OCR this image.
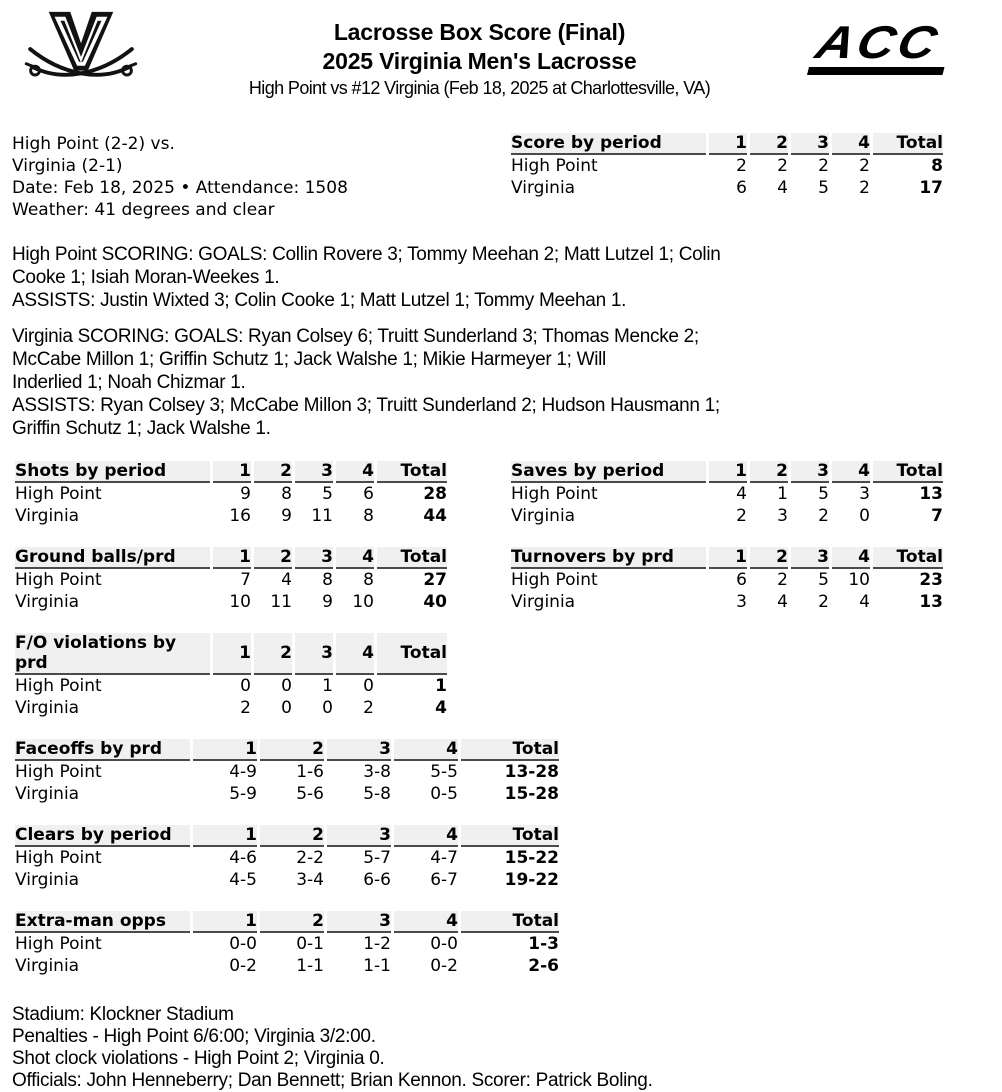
Lacrosse Box Score (Final)
2025 Virginia Men's Lacrosse
High Point vs #12 Virginia (Feb 18, 2025 at Charlottesville, VA)
ACC
High Point (2-2) vs.
Virginia (2-1)
Date: Feb 18, 2025 • Attendance: 1508
Weather: 41 degrees and clear
Score by period	1	2	3	4	Total
High Point	2	2	2	2	8
Virginia	6	4	5	2	17
High Point SCORING: GOALS: Collin Rovere 3; Tommy Meehan 2; Matt Lutzel 1; Colin
Cooke 1; Isiah Moran-Weekes 1.
ASSISTS: Justin Wixted 3; Colin Cooke 1; Matt Lutzel 1; Tommy Meehan 1.
Virginia SCORING: GOALS: Ryan Colsey 6; Truitt Sunderland 3; Thomas Mencke 2;
McCabe Millon 1; Griffin Schutz 1; Jack Walshe 1; Mikie Harmeyer 1; Will
Inderlied 1; Noah Chizmar 1.
ASSISTS: Ryan Colsey 3; McCabe Millon 3; Truitt Sunderland 2; Hudson Hausmann 1;
Griffin Schutz 1; Jack Walshe 1.
Shots by period	1	2	3	4	Total
High Point	9	8	5	6	28
Virginia	16	9	11	8	44
Saves by period	1	2	3	4	Total
High Point	4	1	5	3	13
Virginia	2	3	2	0	7
Ground balls/prd	1	2	3	4	Total
High Point	7	4	8	8	27
Virginia	10	11	9	10	40
Turnovers by prd	1	2	3	4	Total
High Point	6	2	5	10	23
Virginia	3	4	2	4	13
F/O violations by prd	1	2	3	4	Total
High Point	0	0	1	0	1
Virginia	2	0	0	2	4
Faceoffs by prd	1	2	3	4	Total
High Point	4-9	1-6	3-8	5-5	13-28
Virginia	5-9	5-6	5-8	0-5	15-28
Clears by period	1	2	3	4	Total
High Point	4-6	2-2	5-7	4-7	15-22
Virginia	4-5	3-4	6-6	6-7	19-22
Extra-man opps	1	2	3	4	Total
High Point	0-0	0-1	1-2	0-0	1-3
Virginia	0-2	1-1	1-1	0-2	2-6
Stadium: Klockner Stadium
Penalties - High Point 6/6:00; Virginia 3/2:00.
Shot clock violations - High Point 2; Virginia 0.
Officials: John Henneberry; Dan Bennett; Brian Kennon. Scorer: Patrick Boling.
